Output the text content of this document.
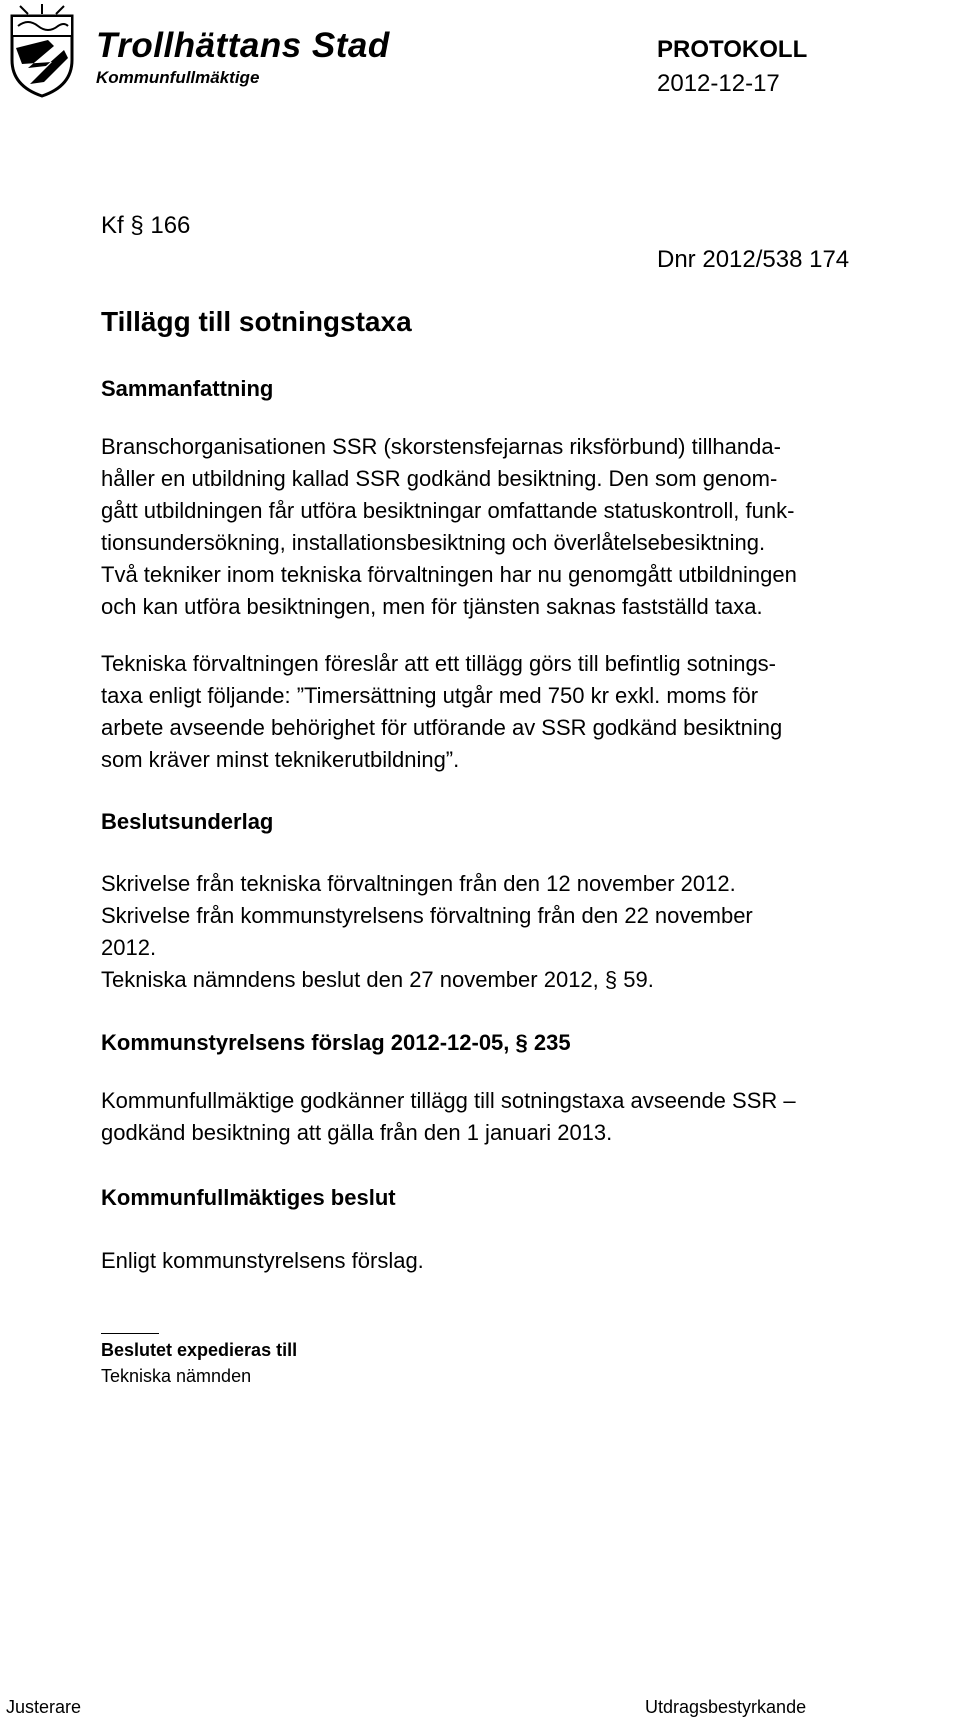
Trollhättans Stad
Kommunfullmäktige
PROTOKOLL
2012-12-17
Kf § 166
Dnr 2012/538 174
Tillägg till sotningstaxa
Sammanfattning
Branschorganisationen SSR (skorstensfejarnas riksförbund) tillhanda-
håller en utbildning kallad SSR godkänd besiktning. Den som genom-
gått utbildningen får utföra besiktningar omfattande statuskontroll, funk-
tionsundersökning, installationsbesiktning och överlåtelsebesiktning.
Två tekniker inom tekniska förvaltningen har nu genomgått utbildningen
och kan utföra besiktningen, men för tjänsten saknas fastställd taxa.
Tekniska förvaltningen föreslår att ett tillägg görs till befintlig sotnings-
taxa enligt följande: ”Timersättning utgår med 750 kr exkl. moms för
arbete avseende behörighet för utförande av SSR godkänd besiktning
som kräver minst teknikerutbildning”.
Beslutsunderlag
Skrivelse från tekniska förvaltningen från den 12 november 2012.
Skrivelse från kommunstyrelsens förvaltning från den 22 november
2012.
Tekniska nämndens beslut den 27 november 2012, § 59.
Kommunstyrelsens förslag 2012-12-05, § 235
Kommunfullmäktige godkänner tillägg till sotningstaxa avseende SSR –
godkänd besiktning att gälla från den 1 januari 2013.
Kommunfullmäktiges beslut
Enligt kommunstyrelsens förslag.
Beslutet expedieras till
Tekniska nämnden
Justerare	Utdragsbestyrkande
